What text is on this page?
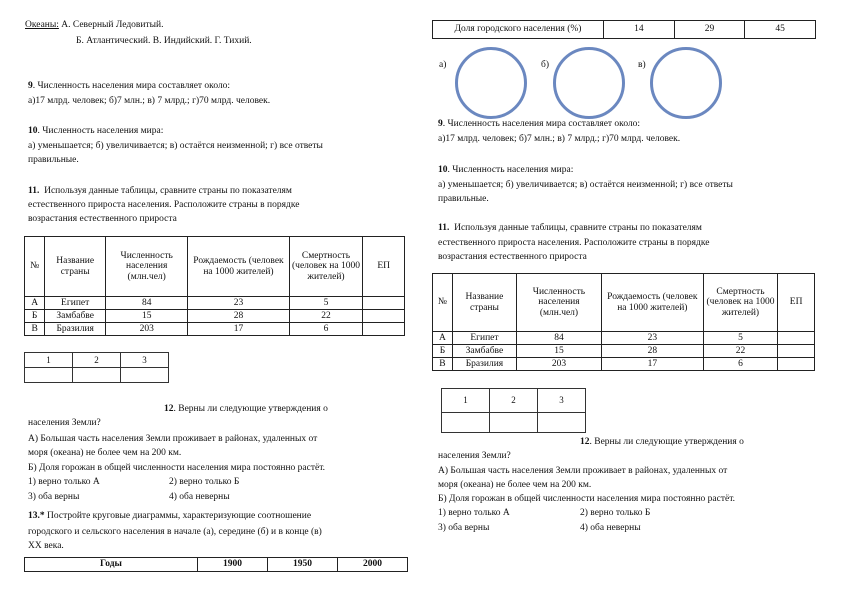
Океаны: А. Северный Ледовитый.
Б. Атлантический. В. Индийский. Г. Тихий.
9. Численность населения мира составляет около:
а)17 млрд. человек; б)7 млн.; в) 7 млрд.; г)70 млрд. человек.
10. Численность населения мира:
а) уменьшается; б) увеличивается; в) остаётся неизменной; г) все ответы
правильные.
11. Используя данные таблицы, сравните страны по показателям
естественного прироста населения. Расположите страны в порядке
возрастания естественного прироста
№	Название страны	Численность населения (млн.чел)	Рождаемость (человек на 1000 жителей)	Смертность (человек на 1000 жителей)	ЕП
А	Египет	84	23	5	
Б	Замбабве	15	28	22	
В	Бразилия	203	17	6	
1	2	3

12. Верны ли следующие утверждения о
населения Земли?
А) Большая часть населения Земли проживает в районах, удаленных от
моря (океана) не более чем на 200 км.
Б) Доля горожан в общей численности населения мира постоянно растёт.
1) верно только А	2) верно только Б
3) оба верны	4) оба неверны
13.* Постройте круговые диаграммы, характеризующие соотношение
городского и сельского населения в начале (а), середине (б) и в конце (в)
XX века.
Годы	1900	1950	2000
Доля городского населения (%)	14	29	45
а)	б)	в)
9. Численность населения мира составляет около:
а)17 млрд. человек; б)7 млн.; в) 7 млрд.; г)70 млрд. человек.
10. Численность населения мира:
а) уменьшается; б) увеличивается; в) остаётся неизменной; г) все ответы
правильные.
11. Используя данные таблицы, сравните страны по показателям
естественного прироста населения. Расположите страны в порядке
возрастания естественного прироста
№	Название страны	Численность населения (млн.чел)	Рождаемость (человек на 1000 жителей)	Смертность (человек на 1000 жителей)	ЕП
А	Египет	84	23	5	
Б	Замбабве	15	28	22	
В	Бразилия	203	17	6	
1	2	3

12. Верны ли следующие утверждения о
населения Земли?
А) Большая часть населения Земли проживает в районах, удаленных от
моря (океана) не более чем на 200 км.
Б) Доля горожан в общей численности населения мира постоянно растёт.
1) верно только А	2) верно только Б
3) оба верны	4) оба неверны
